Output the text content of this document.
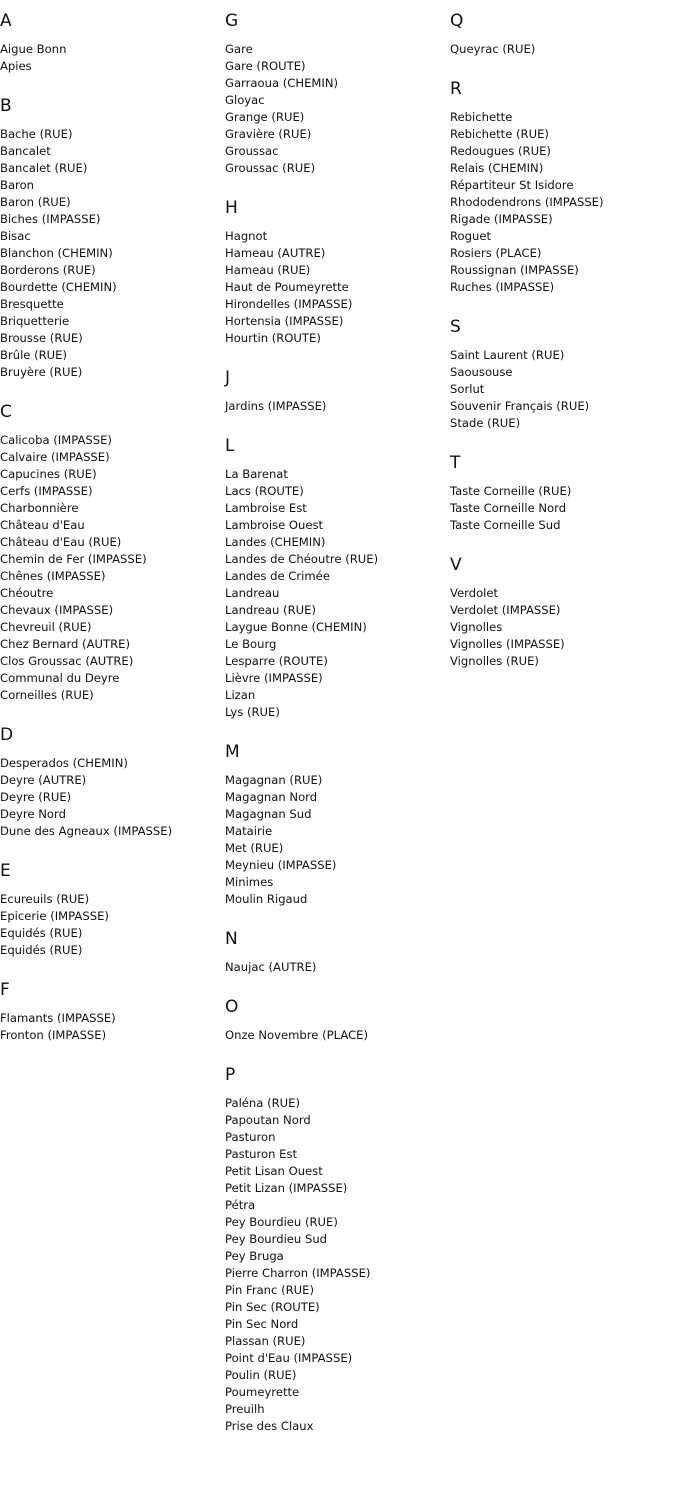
A
Aigue Bonn
Apies
B
Bache (RUE)
Bancalet
Bancalet (RUE)
Baron
Baron (RUE)
Biches (IMPASSE)
Bisac
Blanchon (CHEMIN)
Borderons (RUE)
Bourdette (CHEMIN)
Bresquette
Briquetterie
Brousse (RUE)
Brûle (RUE)
Bruyère (RUE)
C
Calicoba (IMPASSE)
Calvaire (IMPASSE)
Capucines (RUE)
Cerfs (IMPASSE)
Charbonnière
Château d'Eau
Château d'Eau (RUE)
Chemin de Fer (IMPASSE)
Chênes (IMPASSE)
Chéoutre
Chevaux (IMPASSE)
Chevreuil (RUE)
Chez Bernard (AUTRE)
Clos Groussac (AUTRE)
Communal du Deyre
Corneilles (RUE)
D
Desperados (CHEMIN)
Deyre (AUTRE)
Deyre (RUE)
Deyre Nord
Dune des Agneaux (IMPASSE)
E
Ecureuils (RUE)
Epicerie (IMPASSE)
Equidés (RUE)
Equidés (RUE)
F
Flamants (IMPASSE)
Fronton (IMPASSE)
G
Gare
Gare (ROUTE)
Garraoua (CHEMIN)
Gloyac
Grange (RUE)
Gravière (RUE)
Groussac
Groussac (RUE)
H
Hagnot
Hameau (AUTRE)
Hameau (RUE)
Haut de Poumeyrette
Hirondelles (IMPASSE)
Hortensia (IMPASSE)
Hourtin (ROUTE)
J
Jardins (IMPASSE)
L
La Barenat
Lacs (ROUTE)
Lambroise Est
Lambroise Ouest
Landes (CHEMIN)
Landes de Chéoutre (RUE)
Landes de Crimée
Landreau
Landreau (RUE)
Laygue Bonne (CHEMIN)
Le Bourg
Lesparre (ROUTE)
Lièvre (IMPASSE)
Lizan
Lys (RUE)
M
Magagnan (RUE)
Magagnan Nord
Magagnan Sud
Matairie
Met (RUE)
Meynieu (IMPASSE)
Minimes
Moulin Rigaud
N
Naujac (AUTRE)
O
Onze Novembre (PLACE)
P
Paléna (RUE)
Papoutan Nord
Pasturon
Pasturon Est
Petit Lisan Ouest
Petit Lizan (IMPASSE)
Pétra
Pey Bourdieu (RUE)
Pey Bourdieu Sud
Pey Bruga
Pierre Charron (IMPASSE)
Pin Franc (RUE)
Pin Sec (ROUTE)
Pin Sec Nord
Plassan (RUE)
Point d'Eau (IMPASSE)
Poulin (RUE)
Poumeyrette
Preuilh
Prise des Claux
Q
Queyrac (RUE)
R
Rebichette
Rebichette (RUE)
Redougues (RUE)
Relais (CHEMIN)
Répartiteur St Isidore
Rhododendrons (IMPASSE)
Rigade (IMPASSE)
Roguet
Rosiers (PLACE)
Roussignan (IMPASSE)
Ruches (IMPASSE)
S
Saint Laurent (RUE)
Saousouse
Sorlut
Souvenir Français (RUE)
Stade (RUE)
T
Taste Corneille (RUE)
Taste Corneille Nord
Taste Corneille Sud
V
Verdolet
Verdolet (IMPASSE)
Vignolles
Vignolles (IMPASSE)
Vignolles (RUE)
